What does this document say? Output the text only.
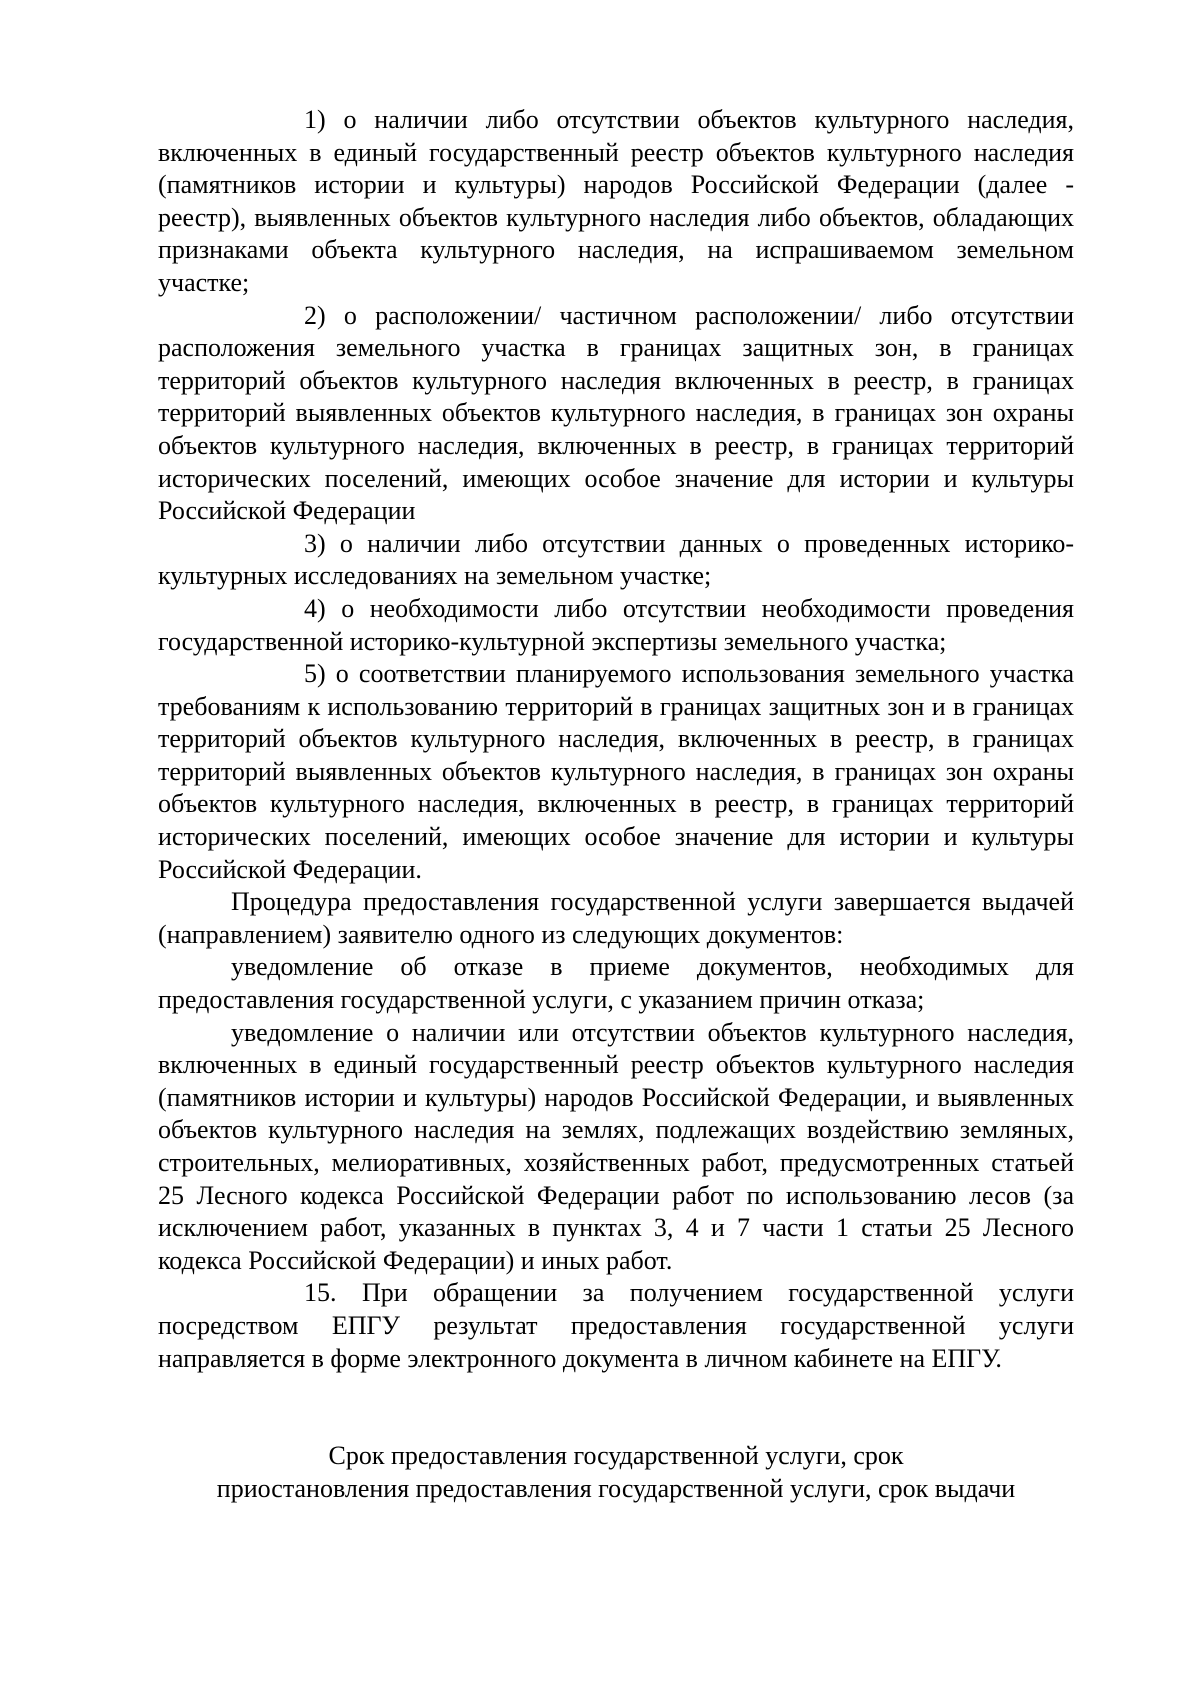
1) о наличии либо отсутствии объектов культурного наследия, включенных в единый государственный реестр объектов культурного наследия (памятников истории и культуры) народов Российской Федерации (далее - реестр), выявленных объектов культурного наследия либо объектов, обладающих признаками объекта культурного наследия, на испрашиваемом земельном участке;

2) о расположении/ частичном расположении/ либо отсутствии расположения земельного участка в границах защитных зон, в границах территорий объектов культурного наследия включенных в реестр, в границах территорий выявленных объектов культурного наследия, в границах зон охраны объектов культурного наследия, включенных в реестр, в границах территорий исторических поселений, имеющих особое значение для истории и культуры Российской Федерации

3) о наличии либо отсутствии данных о проведенных историко-культурных исследованиях на земельном участке;

4) о необходимости либо отсутствии необходимости проведения государственной историко-культурной экспертизы земельного участка;

5) о соответствии планируемого использования земельного участка требованиям к использованию территорий в границах защитных зон и в границах территорий объектов культурного наследия, включенных в реестр, в границах территорий выявленных объектов культурного наследия, в границах зон охраны объектов культурного наследия, включенных в реестр, в границах территорий исторических поселений, имеющих особое значение для истории и культуры Российской Федерации.

Процедура предоставления государственной услуги завершается выдачей (направлением) заявителю одного из следующих документов:

уведомление об отказе в приеме документов, необходимых для предоставления государственной услуги, с указанием причин отказа;

уведомление о наличии или отсутствии объектов культурного наследия, включенных в единый государственный реестр объектов культурного наследия (памятников истории и культуры) народов Российской Федерации, и выявленных объектов культурного наследия на землях, подлежащих воздействию земляных, строительных, мелиоративных, хозяйственных работ, предусмотренных статьей 25 Лесного кодекса Российской Федерации работ по использованию лесов (за исключением работ, указанных в пунктах 3, 4 и 7 части 1 статьи 25 Лесного кодекса Российской Федерации) и иных работ.

15. При обращении за получением государственной услуги посредством ЕПГУ результат предоставления государственной услуги направляется в форме электронного документа в личном кабинете на ЕПГУ.

Срок предоставления государственной услуги, срок

приостановления предоставления государственной услуги, срок выдачи
